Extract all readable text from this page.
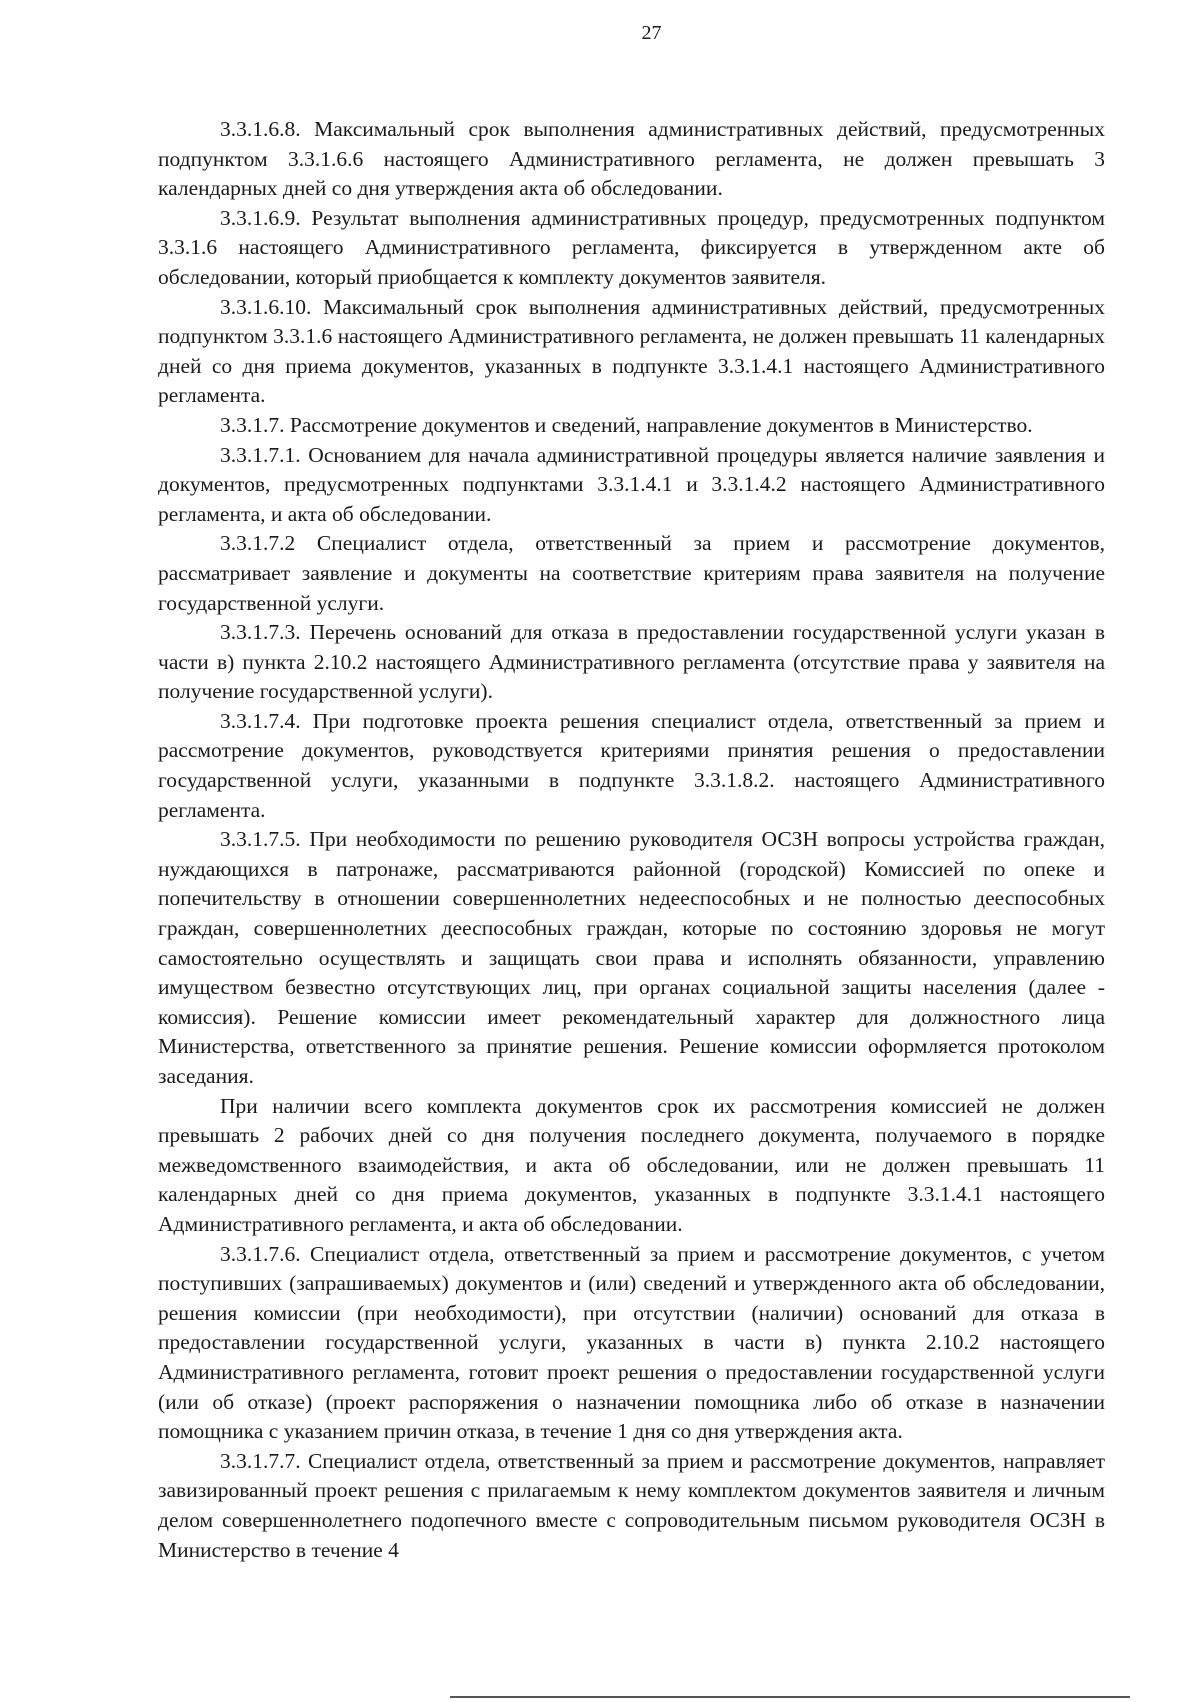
27

3.3.1.6.8. Максимальный срок выполнения административных действий, предусмотренных подпунктом 3.3.1.6.6 настоящего Административного регламента, не должен превышать 3 календарных дней со дня утверждения акта об обследовании.

3.3.1.6.9. Результат выполнения административных процедур, предусмотренных подпунктом 3.3.1.6 настоящего Административного регламента, фиксируется в утвержденном акте об обследовании, который приобщается к комплекту документов заявителя.

3.3.1.6.10. Максимальный срок выполнения административных действий, предусмотренных подпунктом 3.3.1.6 настоящего Административного регламента, не должен превышать 11 календарных дней со дня приема документов, указанных в подпункте 3.3.1.4.1 настоящего Административного регламента.

3.3.1.7. Рассмотрение документов и сведений, направление документов в Министерство.

3.3.1.7.1. Основанием для начала административной процедуры является наличие заявления и документов, предусмотренных подпунктами 3.3.1.4.1 и 3.3.1.4.2 настоящего Административного регламента, и акта об обследовании.

3.3.1.7.2 Специалист отдела, ответственный за прием и рассмотрение документов, рассматривает заявление и документы на соответствие критериям права заявителя на получение государственной услуги.

3.3.1.7.3. Перечень оснований для отказа в предоставлении государственной услуги указан в части в) пункта 2.10.2 настоящего Административного регламента (отсутствие права у заявителя на получение государственной услуги).

3.3.1.7.4. При подготовке проекта решения специалист отдела, ответственный за прием и рассмотрение документов, руководствуется критериями принятия решения о предоставлении государственной услуги, указанными в подпункте 3.3.1.8.2. настоящего Административного регламента.

3.3.1.7.5. При необходимости по решению руководителя ОСЗН вопросы устройства граждан, нуждающихся в патронаже, рассматриваются районной (городской) Комиссией по опеке и попечительству в отношении совершеннолетних недееспособных и не полностью дееспособных граждан, совершеннолетних дееспособных граждан, которые по состоянию здоровья не могут самостоятельно осуществлять и защищать свои права и исполнять обязанности, управлению имуществом безвестно отсутствующих лиц, при органах социальной защиты населения (далее - комиссия). Решение комиссии имеет рекомендательный характер для должностного лица Министерства, ответственного за принятие решения. Решение комиссии оформляется протоколом заседания.

При наличии всего комплекта документов срок их рассмотрения комиссией не должен превышать 2 рабочих дней со дня получения последнего документа, получаемого в порядке межведомственного взаимодействия, и акта об обследовании, или не должен превышать 11 календарных дней со дня приема документов, указанных в подпункте 3.3.1.4.1 настоящего Административного регламента, и акта об обследовании.

3.3.1.7.6. Специалист отдела, ответственный за прием и рассмотрение документов, с учетом поступивших (запрашиваемых) документов и (или) сведений и утвержденного акта об обследовании, решения комиссии (при необходимости), при отсутствии (наличии) оснований для отказа в предоставлении государственной услуги, указанных в части в) пункта 2.10.2 настоящего Административного регламента, готовит проект решения о предоставлении государственной услуги (или об отказе) (проект распоряжения о назначении помощника либо об отказе в назначении помощника с указанием причин отказа, в течение 1 дня со дня утверждения акта.

3.3.1.7.7. Специалист отдела, ответственный за прием и рассмотрение документов, направляет завизированный проект решения с прилагаемым к нему комплектом документов заявителя и личным делом совершеннолетнего подопечного вместе с сопроводительным письмом руководителя ОСЗН в Министерство в течение 4
